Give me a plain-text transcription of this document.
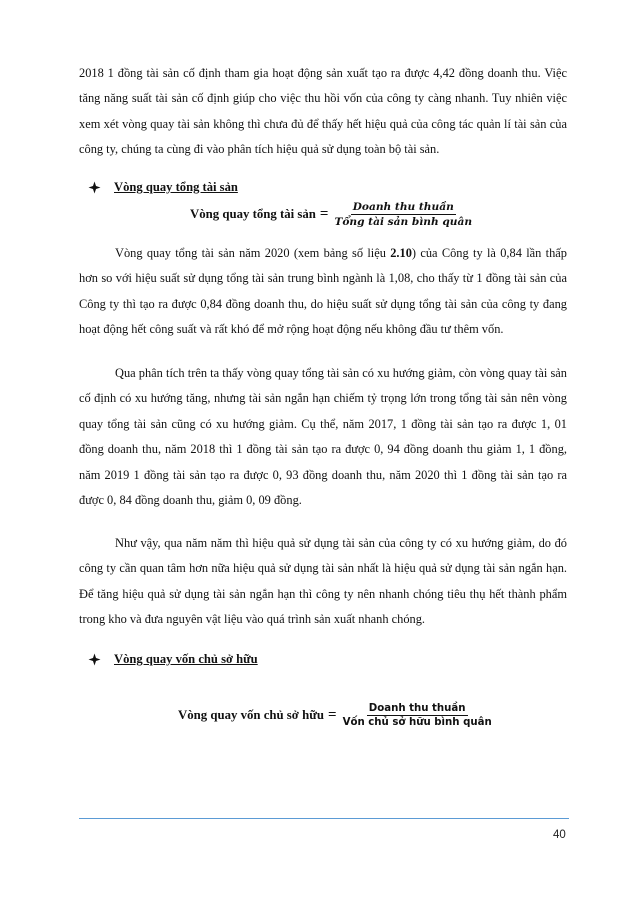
2018 1 đồng tài sản cố định tham gia hoạt động sản xuất tạo ra được 4,42 đồng doanh thu. Việc tăng năng suất tài sản cố định giúp cho việc thu hồi vốn của công ty càng nhanh. Tuy nhiên việc xem xét vòng quay tài sản không thì chưa đủ để thấy hết hiệu quả của công tác quản lí tài sản của công ty, chúng ta cùng đi vào phân tích hiệu quả sử dụng toàn bộ tài sản.

Vòng quay tổng tài sản
Vòng quay tổng tài sản = $\frac{\text{Doanh thu thuần}}{\text{Tổng tài sản bình quân}}$

Vòng quay tổng tài sản năm 2020 (xem bảng số liệu 2.10) của Công ty là 0,84 lần thấp hơn so với hiệu suất sử dụng tổng tài sản trung bình ngành là 1,08, cho thấy từ 1 đồng tài sản của Công ty thì tạo ra được 0,84 đồng doanh thu, do hiệu suất sử dụng tổng tài sản của công ty đang hoạt động hết công suất và rất khó để mở rộng hoạt động nếu không đầu tư thêm vốn.

Qua phân tích trên ta thấy vòng quay tổng tài sản có xu hướng giảm, còn vòng quay tài sản cố định có xu hướng tăng, nhưng tài sản ngắn hạn chiếm tỷ trọng lớn trong tổng tài sản nên vòng quay tổng tài sản cũng có xu hướng giảm. Cụ thể, năm 2017, 1 đồng tài sản tạo ra được 1, 01 đồng doanh thu, năm 2018 thì 1 đồng tài sản tạo ra được 0, 94 đồng doanh thu giảm 1, 1 đồng, năm 2019 1 đồng tài sản tạo ra được 0, 93 đồng doanh thu, năm 2020 thì 1 đồng tài sản tạo ra được 0, 84 đồng doanh thu, giảm 0, 09 đồng.

Như vậy, qua năm năm thì hiệu quả sử dụng tài sản của công ty có xu hướng giảm, do đó công ty cần quan tâm hơn nữa hiệu quả sử dụng tài sản nhất là hiệu quả sử dụng tài sản ngắn hạn. Để tăng hiệu quả sử dụng tài sản ngắn hạn thì công ty nên nhanh chóng tiêu thụ hết thành phẩm trong kho và đưa nguyên vật liệu vào quá trình sản xuất nhanh chóng.

Vòng quay vốn chủ sở hữu
Vòng quay vốn chủ sở hữu = $\frac{\text{Doanh thu thuần}}{\text{Vốn chủ sở hữu bình quân}}$
40
